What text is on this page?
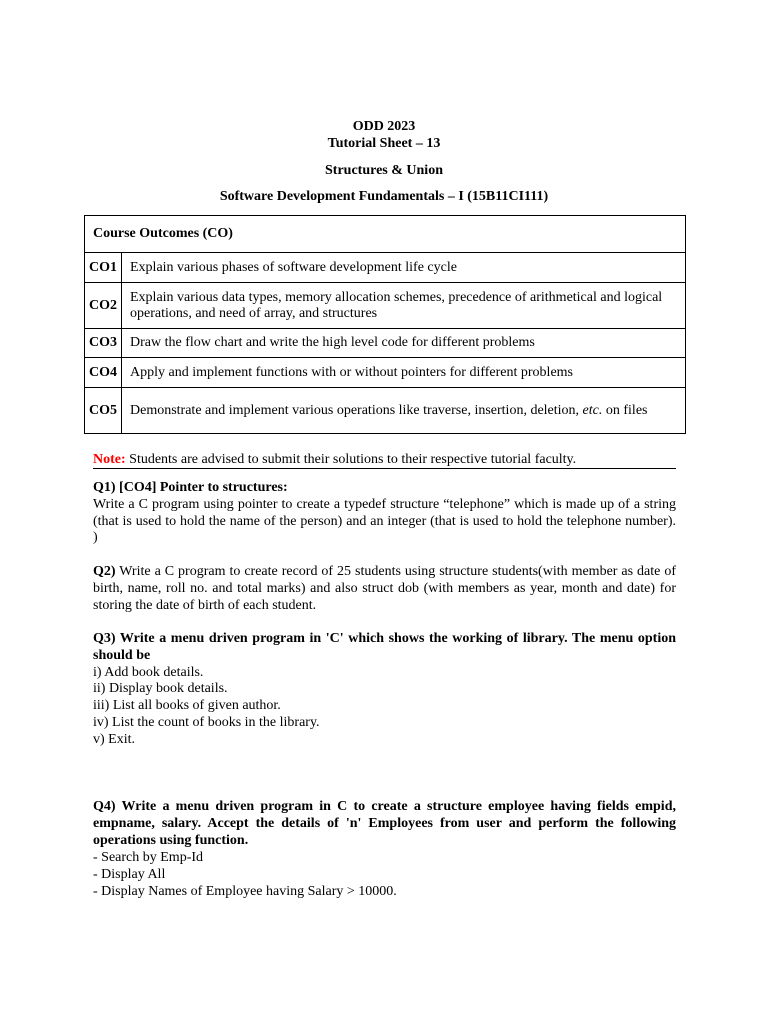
ODD 2023
Tutorial Sheet – 13
Structures & Union
Software Development Fundamentals – I (15B11CI111)
Course Outcomes (CO)	
CO1	Explain various phases of software development life cycle
CO2	Explain various data types, memory allocation schemes, precedence of arithmetical and logical operations, and need of array, and structures
CO3	Draw the flow chart and write the high level code for different problems
CO4	Apply and implement functions with or without pointers for different problems
CO5	Demonstrate and implement various operations like traverse, insertion, deletion, etc. on files
Note: Students are advised to submit their solutions to their respective tutorial faculty.
Q1) [CO4] Pointer to structures:
Write a C program using pointer to create a typedef structure “telephone” which is made up of a string (that is used to hold the name of the person) and an integer (that is used to hold the telephone number). )
Q2) Write a C program to create record of 25 students using structure students(with member as date of birth, name, roll no. and total marks) and also struct dob (with members as year, month and date) for storing the date of birth of each student.
Q3) Write a menu driven program in 'C' which shows the working of library. The menu option should be
i) Add book details.
ii) Display book details.
iii) List all books of given author.
iv) List the count of books in the library.
v) Exit.
Q4) Write a menu driven program in C to create a structure employee having fields empid, empname, salary. Accept the details of 'n' Employees from user and perform the following operations using function.
- Search by Emp-Id
- Display All
- Display Names of Employee having Salary > 10000.
